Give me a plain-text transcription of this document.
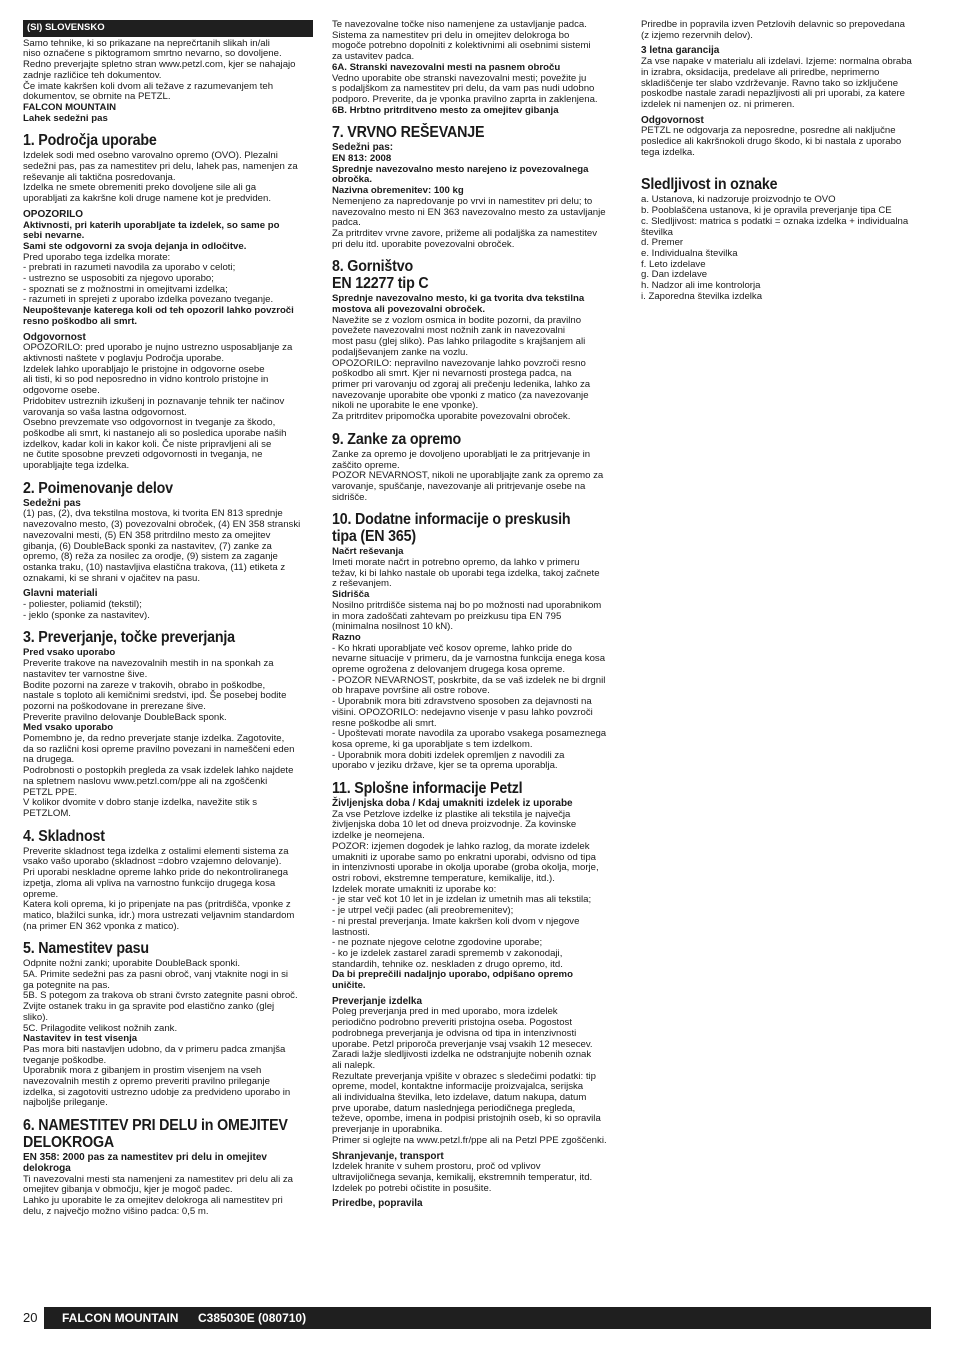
(SI) SLOVENSKO

Samo tehnike, ki so prikazane na neprečrtanih slikah in/ali
niso označene s piktogramom smrtno nevarno, so dovoljene.
Redno preverjajte spletno stran www.petzl.com, kjer se nahajajo
zadnje različice teh dokumentov.
Če imate kakršen koli dvom ali težave z razumevanjem teh
dokumentov, se obrnite na PETZL.

FALCON MOUNTAIN

Lahek sedežni pas

1. Področja uporabe

Izdelek sodi med osebno varovalno opremo (OVO). Plezalni
sedežni pas, pas za namestitev pri delu, lahek pas, namenjen za
reševanje ali taktična posredovanja.
Izdelka ne smete obremeniti preko dovoljene sile ali ga
uporabljati za kakršne koli druge namene kot je predviden.

OPOZORILO

Aktivnosti, pri katerih uporabljate ta izdelek, so same po
sebi nevarne.

Sami ste odgovorni za svoja dejanja in odločitve.

Pred uporabo tega izdelka morate:
- prebrati in razumeti navodila za uporabo v celoti;
- ustrezno se usposobiti za njegovo uporabo;
- spoznati se z možnostmi in omejitvami izdelka;
- razumeti in sprejeti z uporabo izdelka povezano tveganje.

Neupoštevanje katerega koli od teh opozoril lahko povzroči
resno poškodbo ali smrt.

Odgovornost

OPOZORILO: pred uporabo je nujno ustrezno usposabljanje za
aktivnosti naštete v poglavju Področja uporabe.
Izdelek lahko uporabljajo le pristojne in odgovorne osebe
ali tisti, ki so pod neposredno in vidno kontrolo pristojne in
odgovorne osebe.
Pridobitev ustreznih izkušenj in poznavanje tehnik ter načinov
varovanja so vaša lastna odgovornost.
Osebno prevzemate vso odgovornost in tveganje za škodo,
poškodbe ali smrt, ki nastanejo ali so posledica uporabe naših
izdelkov, kadar koli in kakor koli. Če niste pripravljeni ali se
ne čutite sposobne prevzeti odgovornosti in tveganja, ne
uporabljajte tega izdelka.

2. Poimenovanje delov

Sedežni pas

(1) pas, (2), dva tekstilna mostova, ki tvorita EN 813 sprednje
navezovalno mesto, (3) povezovalni obroček, (4) EN 358 stranski
navezovalni mesti, (5) EN 358 pritrdilno mesto za omejitev
gibanja, (6) DoubleBack sponki za nastavitev, (7) zanke za
opremo, (8) reža za nosilec za orodje, (9) sistem za zaganje
ostanka traku, (10) nastavljiva elastična trakova, (11) etiketa z
oznakami, ki se shrani v ojačitev na pasu.

Glavni materiali

- poliester, poliamid (tekstil);
- jeklo (sponke za nastavitev).

3. Preverjanje, točke preverjanja

Pred vsako uporabo

Preverite trakove na navezovalnih mestih in na sponkah za
nastavitev ter varnostne šive.
Bodite pozorni na zareze v trakovih, obrabo in poškodbe,
nastale s toploto ali kemičnimi sredstvi, ipd. Še posebej bodite
pozorni na poškodovane in prerezane šive.
Preverite pravilno delovanje DoubleBack sponk.

Med vsako uporabo

Pomembno je, da redno preverjate stanje izdelka. Zagotovite,
da so različni kosi opreme pravilno povezani in nameščeni eden
na drugega.
Podrobnosti o postopkih pregleda za vsak izdelek lahko najdete
na spletnem naslovu www.petzl.com/ppe ali na zgoščenki
PETZL PPE.
V kolikor dvomite v dobro stanje izdelka, navežite stik s
PETZLOM.

4. Skladnost

Preverite skladnost tega izdelka z ostalimi elementi sistema za
vsako vašo uporabo (skladnost =dobro vzajemno delovanje).
Pri uporabi neskladne opreme lahko pride do nekontroliranega
izpetja, zloma ali vpliva na varnostno funkcijo drugega kosa
opreme.
Katera koli oprema, ki jo pripenjate na pas (pritrdišča, vponke z
matico, blažilci sunka, idr.) mora ustrezati veljavnim standardom
(na primer EN 362 vponka z matico).

5. Namestitev pasu

Odpnite nožni zanki; uporabite DoubleBack sponki.
5A. Primite sedežni pas za pasni obroč, vanj vtaknite nogi in si
ga potegnite na pas.
5B. S potegom za trakova ob strani čvrsto zategnite pasni obroč.
Zvijte ostanek traku in ga spravite pod elastično zanko (glej
sliko).
5C. Prilagodite velikost nožnih zank.

Nastavitev in test visenja

Pas mora biti nastavljen udobno, da v primeru padca zmanjša
tveganje poškodbe.
Uporabnik mora z gibanjem in prostim visenjem na vseh
navezovalnih mestih z opremo preveriti pravilno prileganje
izdelka, si zagotoviti ustrezno udobje za predvideno uporabo in
najboljše prileganje.

6. NAMESTITEV PRI DELU in OMEJITEV
DELOKROGA

EN 358: 2000 pas za namestitev pri delu in omejitev
delokroga

Ti navezovalni mesti sta namenjeni za namestitev pri delu ali za
omejitev gibanja v območju, kjer je mogoč padec.
Lahko ju uporabite le za omejitev delokroga ali namestitev pri
delu, z največjo možno višino padca: 0,5 m.

Te navezovalne točke niso namenjene za ustavljanje padca.
Sistema za namestitev pri delu in omejitev delokroga bo
mogoče potrebno dopolniti z kolektivnimi ali osebnimi sistemi
za ustavitev padca.

6A. Stranski navezovalni mesti na pasnem obroču

Vedno uporabite obe stranski navezovalni mesti; povežite ju
s podaljškom za namestitev pri delu, da vam pas nudi udobno
podporo. Preverite, da je vponka pravilno zaprta in zaklenjena.

6B. Hrbtno pritrditveno mesto za omejitev gibanja

7. VRVNO REŠEVANJE

Sedežni pas:

EN 813: 2008

Sprednje navezovalno mesto narejeno iz povezovalnega
obročka.

Nazivna obremenitev: 100 kg

Nemenjeno za napredovanje po vrvi in namestitev pri delu; to
navezovalno mesto ni EN 363 navezovalno mesto za ustavljanje
padca.
Za pritrditev vrvne zavore, prižeme ali podaljška za namestitev
pri delu itd. uporabite povezovalni obroček.

8. Gorništvo
EN 12277 tip C

Sprednje navezovalno mesto, ki ga tvorita dva tekstilna
mostova ali povezovalni obroček.

Navežite se z vozlom osmica in bodite pozorni, da pravilno
povežete navezovalni most nožnih zank in navezovalni
most pasu (glej sliko). Pas lahko prilagodite s krajšanjem ali
podaljševanjem zanke na vozlu.
OPOZORILO: nepravilno navezovanje lahko povzroči resno
poškodbo ali smrt. Kjer ni nevarnosti prostega padca, na
primer pri varovanju od zgoraj ali prečenju ledenika, lahko za
navezovanje uporabite obe vponki z matico (za navezovanje
nikoli ne uporabite le ene vponke).
Za pritrditev pripomočka uporabite povezovalni obroček.

9. Zanke za opremo

Zanke za opremo je dovoljeno uporabljati le za pritrjevanje in
zaščito opreme.
POZOR NEVARNOST, nikoli ne uporabljajte zank za opremo za
varovanje, spuščanje, navezovanje ali pritrjevanje osebe na
sidrišče.

10. Dodatne informacije o preskusih
tipa (EN 365)

Načrt reševanja

Imeti morate načrt in potrebno opremo, da lahko v primeru
težav, ki bi lahko nastale ob uporabi tega izdelka, takoj začnete
z reševanjem.

Sidrišča

Nosilno pritrdišče sistema naj bo po možnosti nad uporabnikom
in mora zadoščati zahtevam po preizkusu tipa EN 795
(minimalna nosilnost 10 kN).

Razno

- Ko hkrati uporabljate več kosov opreme, lahko pride do
nevarne situacije v primeru, da je varnostna funkcija enega kosa
opreme ogrožena z delovanjem drugega kosa opreme.
- POZOR NEVARNOST, poskrbite, da se vaš izdelek ne bi drgnil
ob hrapave površine ali ostre robove.
- Uporabnik mora biti zdravstveno sposoben za dejavnosti na
višini. OPOZORILO: nedejavno visenje v pasu lahko povzroči
resne poškodbe ali smrt.
- Upoštevati morate navodila za uporabo vsakega posameznega
kosa opreme, ki ga uporabljate s tem izdelkom.
- Uporabnik mora dobiti izdelek opremljen z navodili za
uporabo v jeziku države, kjer se ta oprema uporablja.

11. Splošne informacije Petzl

Življenjska doba / Kdaj umakniti izdelek iz uporabe

Za vse Petzlove izdelke iz plastike ali tekstila je največja
življenjska doba 10 let od dneva proizvodnje. Za kovinske
izdelke je neomejena.
POZOR: izjemen dogodek je lahko razlog, da morate izdelek
umakniti iz uporabe samo po enkratni uporabi, odvisno od tipa
in intenzivnosti uporabe in okolja uporabe (groba okolja, morje,
ostri robovi, ekstremne temperature, kemikalije, itd.).
Izdelek morate umakniti iz uporabe ko:
- je star več kot 10 let in je izdelan iz umetnih mas ali tekstila;
- je utrpel večji padec (ali preobremenitev);
- ni prestal preverjanja. Imate kakršen koli dvom v njegove
lastnosti.
- ne poznate njegove celotne zgodovine uporabe;
- ko je izdelek zastarel zaradi sprememb v zakonodaji,
standardih, tehnike oz. neskladen z drugo opremo, itd.

Da bi preprečili nadaljnjo uporabo, odpišano opremo
uničite.

Preverjanje izdelka

Poleg preverjanja pred in med uporabo, mora izdelek
periodično podrobno preveriti pristojna oseba. Pogostost
podrobnega preverjanja je odvisna od tipa in intenzivnosti
uporabe. Petzl priporoča preverjanje vsaj vsakih 12 mesecev.
Zaradi lažje sledljivosti izdelka ne odstranjujte nobenih oznak
ali nalepk.
Rezultate preverjanja vpišite v obrazec s sledečimi podatki: tip
opreme, model, kontaktne informacije proizvajalca, serijska
ali individualna številka, leto izdelave, datum nakupa, datum
prve uporabe, datum naslednjega periodičnega pregleda,
teževe, opombe, imena in podpisi pristojnih oseb, ki so opravila
preverjanje in uporabnika.
Primer si oglejte na www.petzl.fr/ppe ali na Petzl PPE zgoščenki.

Shranjevanje, transport

Izdelek hranite v suhem prostoru, proč od vplivov
ultravijoličnega sevanja, kemikalij, ekstremnih temperatur, itd.
Izdelek po potrebi očistite in posušite.

Priredbe, popravila

Priredbe in popravila izven Petzlovih delavnic so prepovedana
(z izjemo rezervnih delov).

3 letna garancija

Za vse napake v materialu ali izdelavi. Izjeme: normalna obraba
in izrabra, oksidacija, predelave ali priredbe, neprimerno
skladiščenje ter slabo vzdrževanje. Ravno tako so izključene
poskodbe nastale zaradi nepazljivosti ali pri uporabi, za katere
izdelek ni namenjen oz. ni primeren.

Odgovornost

PETZL ne odgovarja za neposredne, posredne ali naključne
posledice ali kakršnokoli drugo škodo, ki bi nastala z uporabo
tega izdelka.

Sledljivost in oznake

a. Ustanova, ki nadzoruje proizvodnjo te OVO
b. Pooblaščena ustanova, ki je opravila preverjanje tipa CE
c. Sledljivost: matrica s podatki = oznaka izdelka + individualna
številka
d. Premer
e. Individualna številka
f. Leto izdelave
g. Dan izdelave
h. Nadzor ali ime kontrolorja
i. Zaporedna številka izdelka

20 FALCON MOUNTAIN C385030E (080710)
